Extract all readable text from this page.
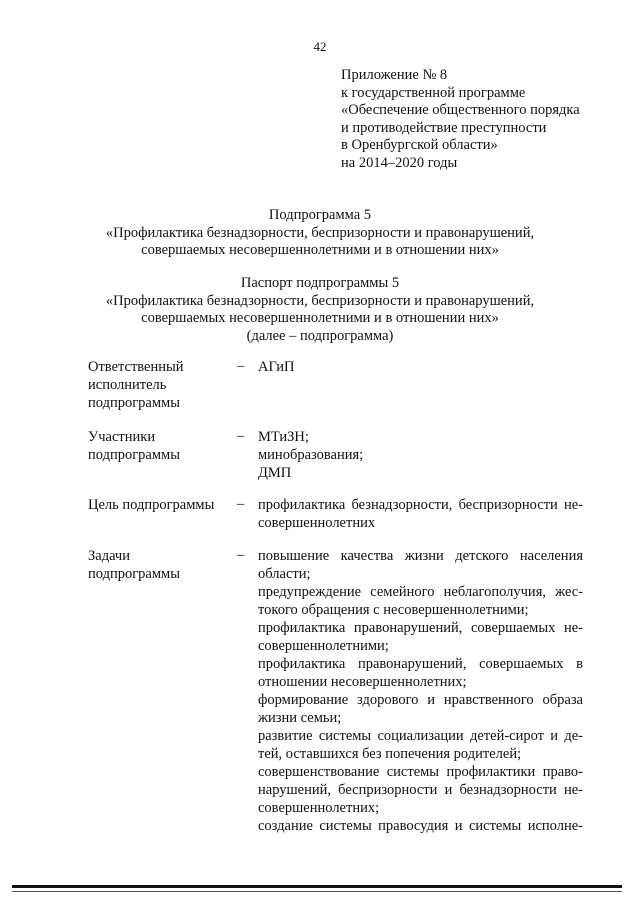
42
Приложение № 8
к государственной программе
«Обеспечение общественного порядка
и противодействие преступности
в Оренбургской области»
на 2014–2020 годы
Подпрограмма 5
«Профилактика безнадзорности, беспризорности и правонарушений,
совершаемых несовершеннолетними и в отношении них»
Паспорт подпрограммы 5
«Профилактика безнадзорности, беспризорности и правонарушений,
совершаемых несовершеннолетними и в отношении них»
(далее – подпрограмма)
Ответственный
исполнитель
подпрограммы
– АГиП
Участники
подпрограммы
– МТиЗН;
минобразования;
ДМП
Цель подпрограммы – профилактика безнадзорности, беспризорности не-
совершеннолетних
Задачи
подпрограммы
– повышение качества жизни детского населения
области;
предупреждение семейного неблагополучия, жес-
токого обращения с несовершеннолетними;
профилактика правонарушений, совершаемых не-
совершеннолетними;
профилактика правонарушений, совершаемых в
отношении несовершеннолетних;
формирование здорового и нравственного образа
жизни семьи;
развитие системы социализации детей-сирот и де-
тей, оставшихся без попечения родителей;
совершенствование системы профилактики право-
нарушений, беспризорности и безнадзорности не-
совершеннолетних;
создание системы правосудия и системы исполне-
